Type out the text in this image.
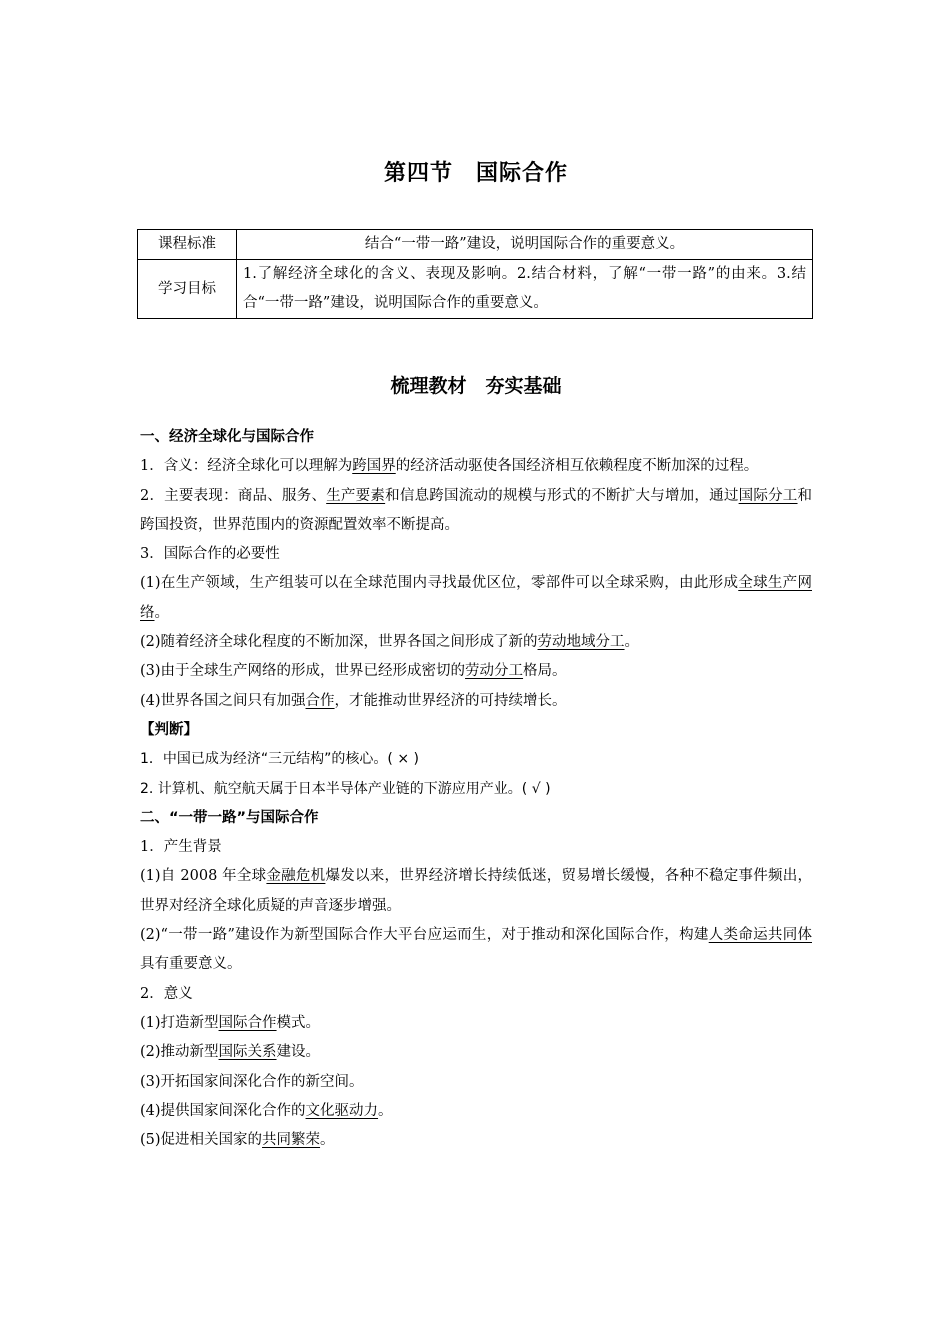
第四节　国际合作
课程标准	结合“一带一路”建设，说明国际合作的重要意义。
学习目标	1.了解经济全球化的含义、表现及影响。2.结合材料，了解“一带一路”的由来。3.结合“一带一路”建设，说明国际合作的重要意义。
梳理教材　夯实基础

一、经济全球化与国际合作

1．含义：经济全球化可以理解为跨国界的经济活动驱使各国经济相互依赖程度不断加深的过程。

2．主要表现：商品、服务、生产要素和信息跨国流动的规模与形式的不断扩大与增加，通过国际分工和跨国投资，世界范围内的资源配置效率不断提高。

3．国际合作的必要性

(1)在生产领域，生产组装可以在全球范围内寻找最优区位，零部件可以全球采购，由此形成全球生产网络。

(2)随着经济全球化程度的不断加深，世界各国之间形成了新的劳动地域分工。

(3)由于全球生产网络的形成，世界已经形成密切的劳动分工格局。

(4)世界各国之间只有加强合作，才能推动世界经济的可持续增长。

【判断】

1．中国已成为经济“三元结构”的核心。( × )

2. 计算机、航空航天属于日本半导体产业链的下游应用产业。( √ )

二、“一带一路”与国际合作

1．产生背景

(1)自 2008 年全球金融危机爆发以来，世界经济增长持续低迷，贸易增长缓慢，各种不稳定事件频出，世界对经济全球化质疑的声音逐步增强。

(2)“一带一路”建设作为新型国际合作大平台应运而生，对于推动和深化国际合作，构建人类命运共同体具有重要意义。

2．意义

(1)打造新型国际合作模式。

(2)推动新型国际关系建设。

(3)开拓国家间深化合作的新空间。

(4)提供国家间深化合作的文化驱动力。

(5)促进相关国家的共同繁荣。
